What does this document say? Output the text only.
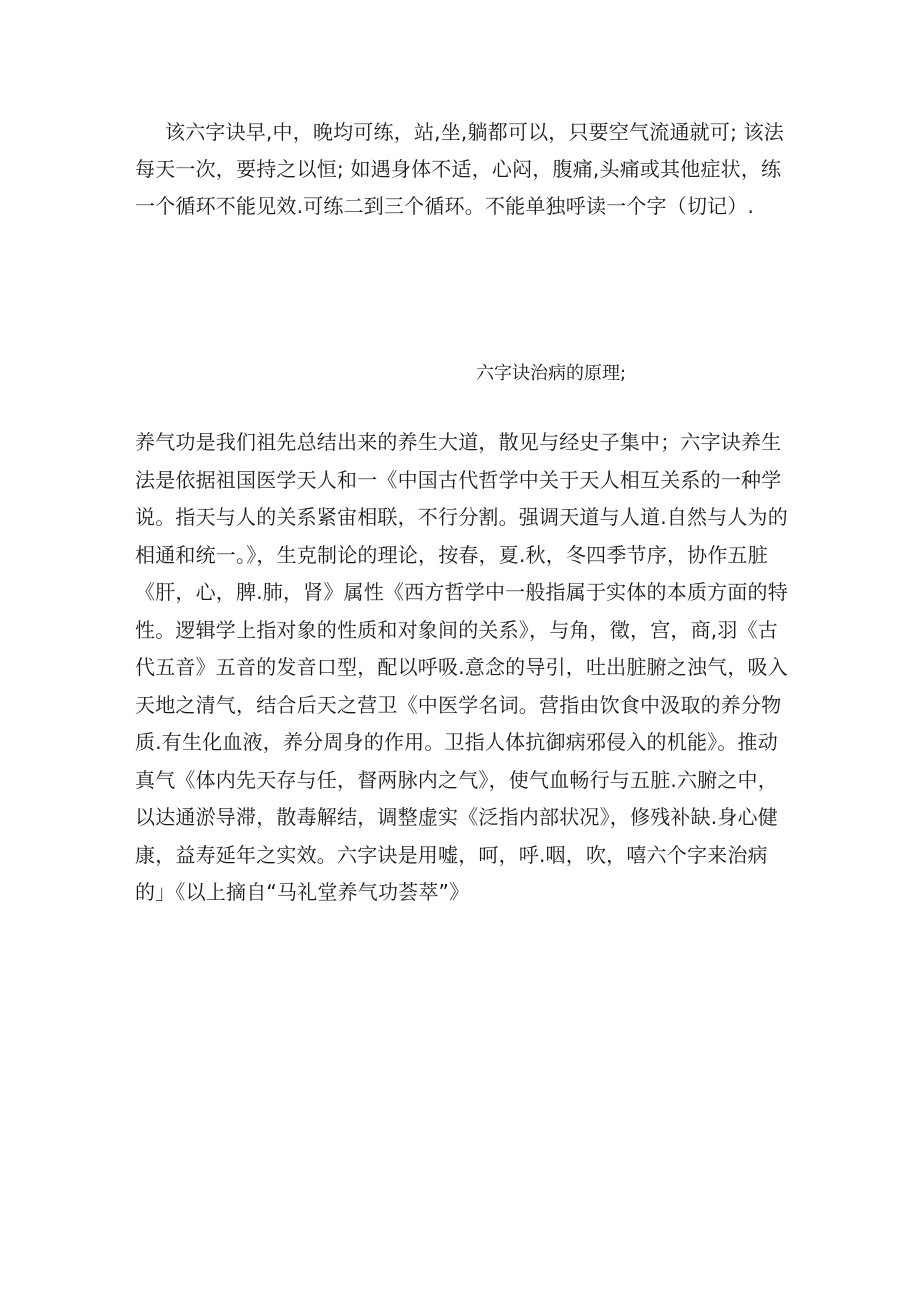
该六字诀早,中，晚均可练，站,坐,躺都可以，只要空气流通就可; 该法每天一次，要持之以恒; 如遇身体不适，心闷，腹痛,头痛或其他症状，练一个循环不能见效.可练二到三个循环。不能单独呼读一个字（切记）.

六字诀治病的原理;

养气功是我们祖先总结出来的养生大道，散见与经史子集中；六字诀养生法是依据祖国医学天人和一《中国古代哲学中关于天人相互关系的一种学说。指天与人的关系紧宙相联，不行分割。强调天道与人道.自然与人为的相通和统一。》，生克制论的理论，按春，夏.秋，冬四季节序，协作五脏《肝，心，脾.肺，肾》属性《西方哲学中一般指属于实体的本质方面的特性。逻辑学上指对象的性质和对象间的关系》，与角，徵，宫，商,羽《古代五音》五音的发音口型，配以呼吸.意念的导引，吐出脏腑之浊气，吸入天地之清气，结合后天之营卫《中医学名词。营指由饮食中汲取的养分物质.有生化血液，养分周身的作用。卫指人体抗御病邪侵入的机能》。推动真气《体内先天存与任，督两脉内之气》，使气血畅行与五脏.六腑之中，以达通淤导滞，散毒解结，调整虚实《泛指内部状况》，修残补缺.身心健康，益寿延年之实效。六字诀是用嘘，呵，呼.咽，吹，嘻六个字来治病的」《以上摘自“马礼堂养气功荟萃”》
